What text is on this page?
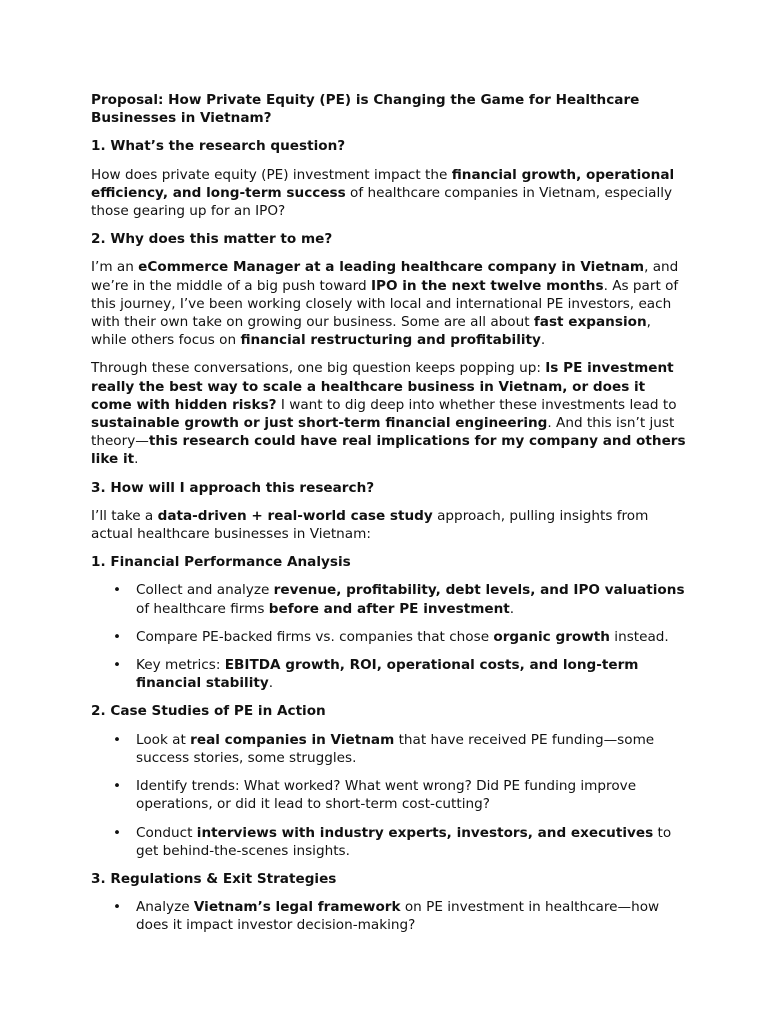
Proposal: How Private Equity (PE) is Changing the Game for Healthcare Businesses in Vietnam?
1. What’s the research question?
How does private equity (PE) investment impact the financial growth, operational efficiency, and long-term success of healthcare companies in Vietnam, especially those gearing up for an IPO?
2. Why does this matter to me?
I’m an eCommerce Manager at a leading healthcare company in Vietnam, and we’re in the middle of a big push toward IPO in the next twelve months. As part of this journey, I’ve been working closely with local and international PE investors, each with their own take on growing our business. Some are all about fast expansion, while others focus on financial restructuring and profitability.
Through these conversations, one big question keeps popping up: Is PE investment really the best way to scale a healthcare business in Vietnam, or does it come with hidden risks? I want to dig deep into whether these investments lead to sustainable growth or just short-term financial engineering. And this isn’t just theory—this research could have real implications for my company and others like it.
3. How will I approach this research?
I’ll take a data-driven + real-world case study approach, pulling insights from actual healthcare businesses in Vietnam:
1. Financial Performance Analysis
• Collect and analyze revenue, profitability, debt levels, and IPO valuations of healthcare firms before and after PE investment.
• Compare PE-backed firms vs. companies that chose organic growth instead.
• Key metrics: EBITDA growth, ROI, operational costs, and long-term financial stability.
2. Case Studies of PE in Action
• Look at real companies in Vietnam that have received PE funding—some success stories, some struggles.
• Identify trends: What worked? What went wrong? Did PE funding improve operations, or did it lead to short-term cost-cutting?
• Conduct interviews with industry experts, investors, and executives to get behind-the-scenes insights.
3. Regulations & Exit Strategies
• Analyze Vietnam’s legal framework on PE investment in healthcare—how does it impact investor decision-making?
